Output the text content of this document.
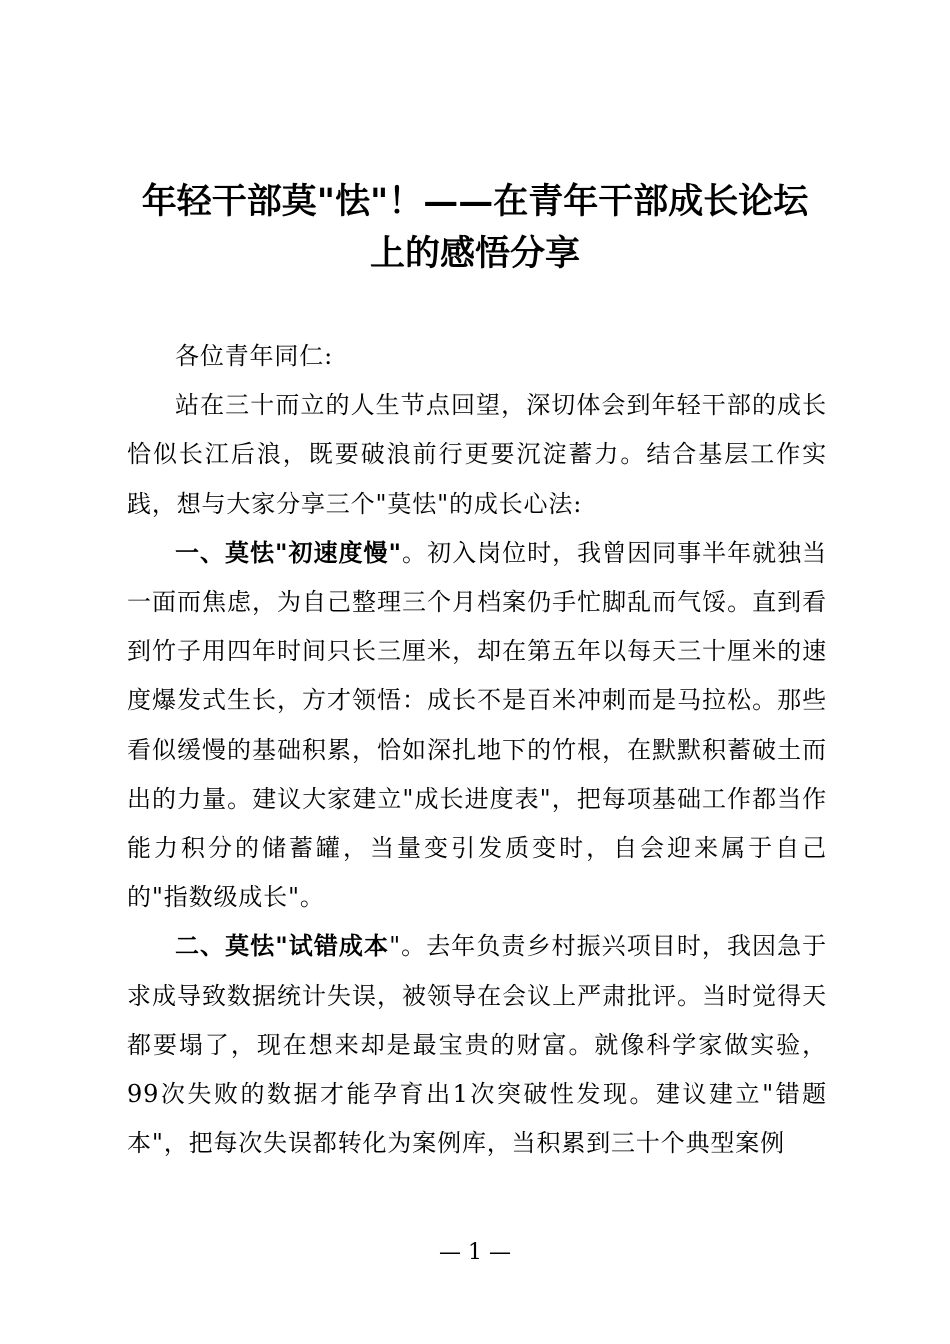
年轻干部莫"怯"！——在青年干部成长论坛
上的感悟分享

各位青年同仁:

站在三十而立的人生节点回望，深切体会到年轻干部的成长恰似长江后浪，既要破浪前行更要沉淀蓄力。结合基层工作实践，想与大家分享三个"莫怯"的成长心法:

一、莫怯"初速度慢"。初入岗位时，我曾因同事半年就独当一面而焦虑，为自己整理三个月档案仍手忙脚乱而气馁。直到看到竹子用四年时间只长三厘米，却在第五年以每天三十厘米的速度爆发式生长，方才领悟：成长不是百米冲刺而是马拉松。那些看似缓慢的基础积累，恰如深扎地下的竹根，在默默积蓄破土而出的力量。建议大家建立"成长进度表"，把每项基础工作都当作能力积分的储蓄罐，当量变引发质变时，自会迎来属于自己的"指数级成长"。

二、莫怯"试错成本"。去年负责乡村振兴项目时，我因急于求成导致数据统计失误，被领导在会议上严肃批评。当时觉得天都要塌了，现在想来却是最宝贵的财富。就像科学家做实验，99次失败的数据才能孕育出1次突破性发现。建议建立"错题本"，把每次失误都转化为案例库，当积累到三十个典型案例

— 1 —
